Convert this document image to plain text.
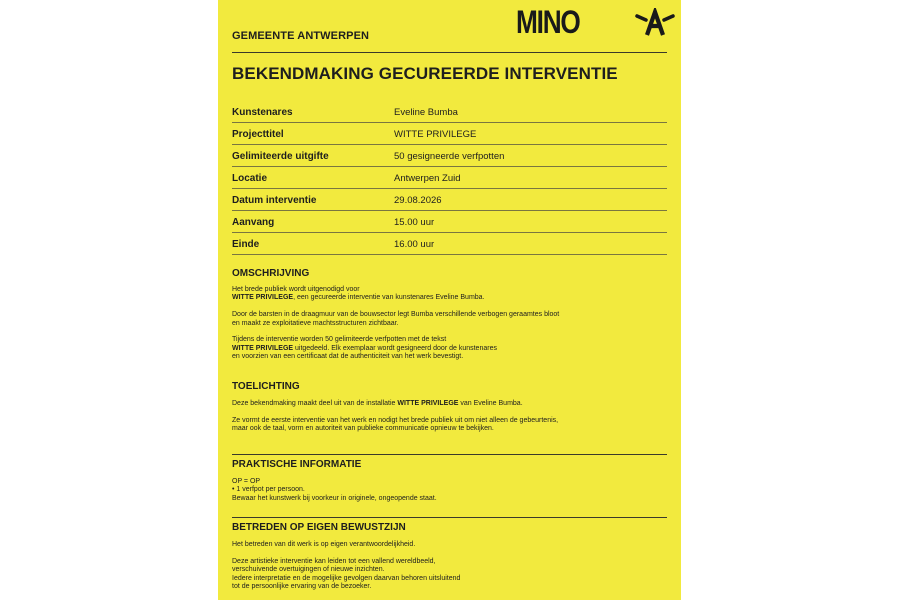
GEMEENTE ANTWERPEN	MINO
BEKENDMAKING GECUREERDE INTERVENTIE
Kunstenares	Eveline Bumba
Projecttitel	WITTE PRIVILEGE
Gelimiteerde uitgifte	50 gesigneerde verfpotten
Locatie	Antwerpen Zuid
Datum interventie	29.08.2026
Aanvang	15.00 uur
Einde	16.00 uur
OMSCHRIJVING

Het brede publiek wordt uitgenodigd voor

WITTE PRIVILEGE, een gecureerde interventie van kunstenares Eveline Bumba.

Door de barsten in de draagmuur van de bouwsector legt Bumba verschillende verbogen geraamtes bloot

en maakt ze exploitatieve machtsstructuren zichtbaar.

Tijdens de interventie worden 50 gelimiteerde verfpotten met de tekst

WITTE PRIVILEGE uitgedeeld. Elk exemplaar wordt gesigneerd door de kunstenares

en voorzien van een certificaat dat de authenticiteit van het werk bevestigt.

TOELICHTING

Deze bekendmaking maakt deel uit van de installatie WITTE PRIVILEGE van Eveline Bumba.

Ze vormt de eerste interventie van het werk en nodigt het brede publiek uit om niet alleen de gebeurtenis,

maar ook de taal, vorm en autoriteit van publieke communicatie opnieuw te bekijken.

PRAKTISCHE INFORMATIE

OP = OP

• 1 verfpot per persoon.

Bewaar het kunstwerk bij voorkeur in originele, ongeopende staat.

BETREDEN OP EIGEN BEWUSTZIJN

Het betreden van dit werk is op eigen verantwoordelijkheid.

Deze artistieke interventie kan leiden tot een vallend wereldbeeld,

verschuivende overtuigingen of nieuwe inzichten.

Iedere interpretatie en de mogelijke gevolgen daarvan behoren uitsluitend

tot de persoonlijke ervaring van de bezoeker.
